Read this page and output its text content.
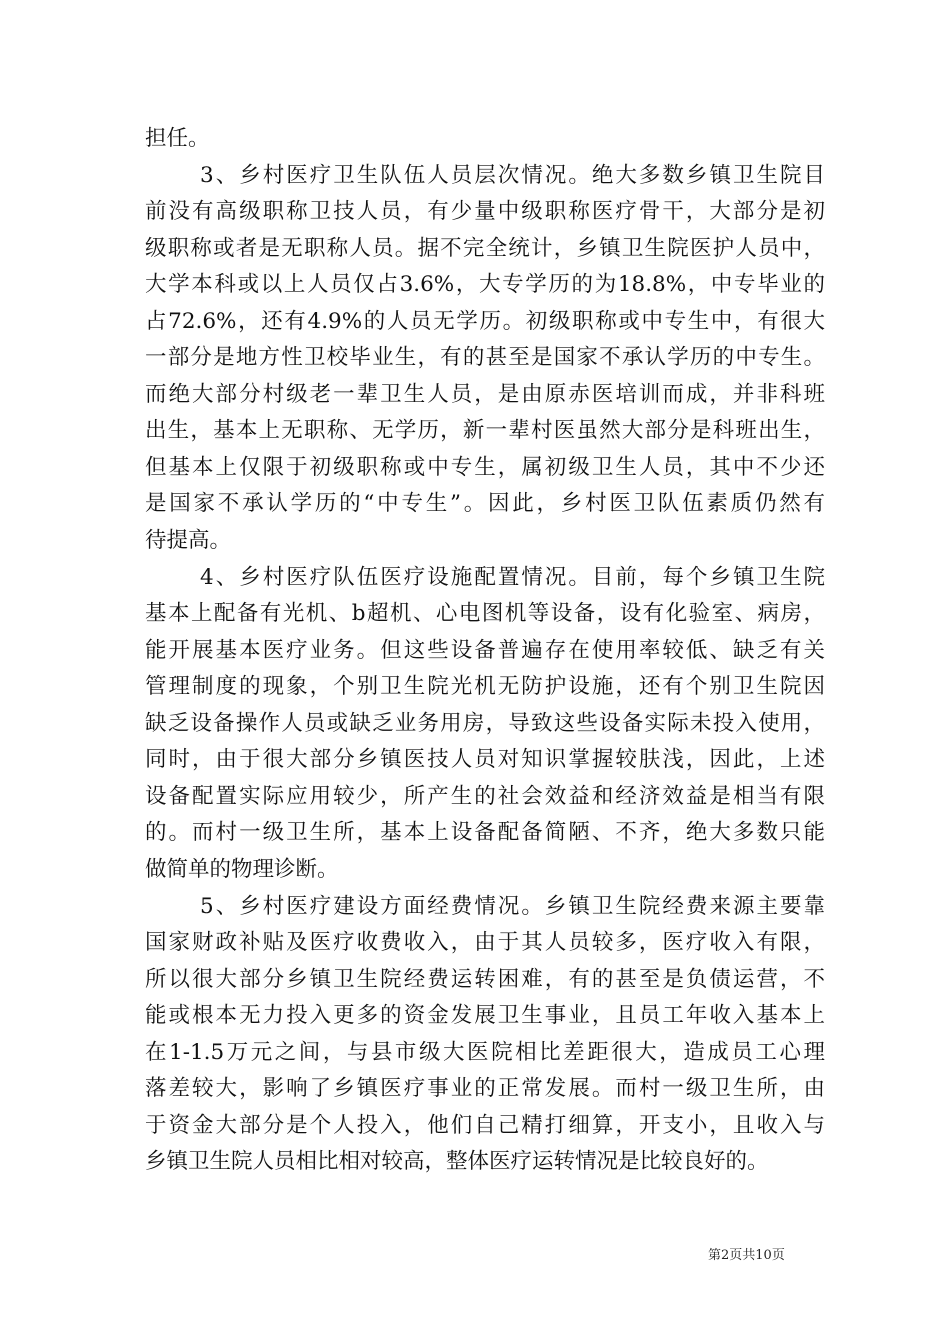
担任。
3、乡村医疗卫生队伍人员层次情况。绝大多数乡镇卫生院目
前没有高级职称卫技人员，有少量中级职称医疗骨干，大部分是初
级职称或者是无职称人员。据不完全统计，乡镇卫生院医护人员中，
大学本科或以上人员仅占3.6%，大专学历的为18.8%，中专毕业的
占72.6%，还有4.9%的人员无学历。初级职称或中专生中，有很大
一部分是地方性卫校毕业生，有的甚至是国家不承认学历的中专生。
而绝大部分村级老一辈卫生人员，是由原赤医培训而成，并非科班
出生，基本上无职称、无学历，新一辈村医虽然大部分是科班出生，
但基本上仅限于初级职称或中专生，属初级卫生人员，其中不少还
是国家不承认学历的“中专生”。因此，乡村医卫队伍素质仍然有
待提高。
4、乡村医疗队伍医疗设施配置情况。目前，每个乡镇卫生院
基本上配备有光机、b超机、心电图机等设备，设有化验室、病房，
能开展基本医疗业务。但这些设备普遍存在使用率较低、缺乏有关
管理制度的现象，个别卫生院光机无防护设施，还有个别卫生院因
缺乏设备操作人员或缺乏业务用房，导致这些设备实际未投入使用，
同时，由于很大部分乡镇医技人员对知识掌握较肤浅，因此，上述
设备配置实际应用较少，所产生的社会效益和经济效益是相当有限
的。而村一级卫生所，基本上设备配备简陋、不齐，绝大多数只能
做简单的物理诊断。
5、乡村医疗建设方面经费情况。乡镇卫生院经费来源主要靠
国家财政补贴及医疗收费收入，由于其人员较多，医疗收入有限，
所以很大部分乡镇卫生院经费运转困难，有的甚至是负债运营，不
能或根本无力投入更多的资金发展卫生事业，且员工年收入基本上
在1-1.5万元之间，与县市级大医院相比差距很大，造成员工心理
落差较大，影响了乡镇医疗事业的正常发展。而村一级卫生所，由
于资金大部分是个人投入，他们自己精打细算，开支小，且收入与
乡镇卫生院人员相比相对较高，整体医疗运转情况是比较良好的。
第2页共10页
